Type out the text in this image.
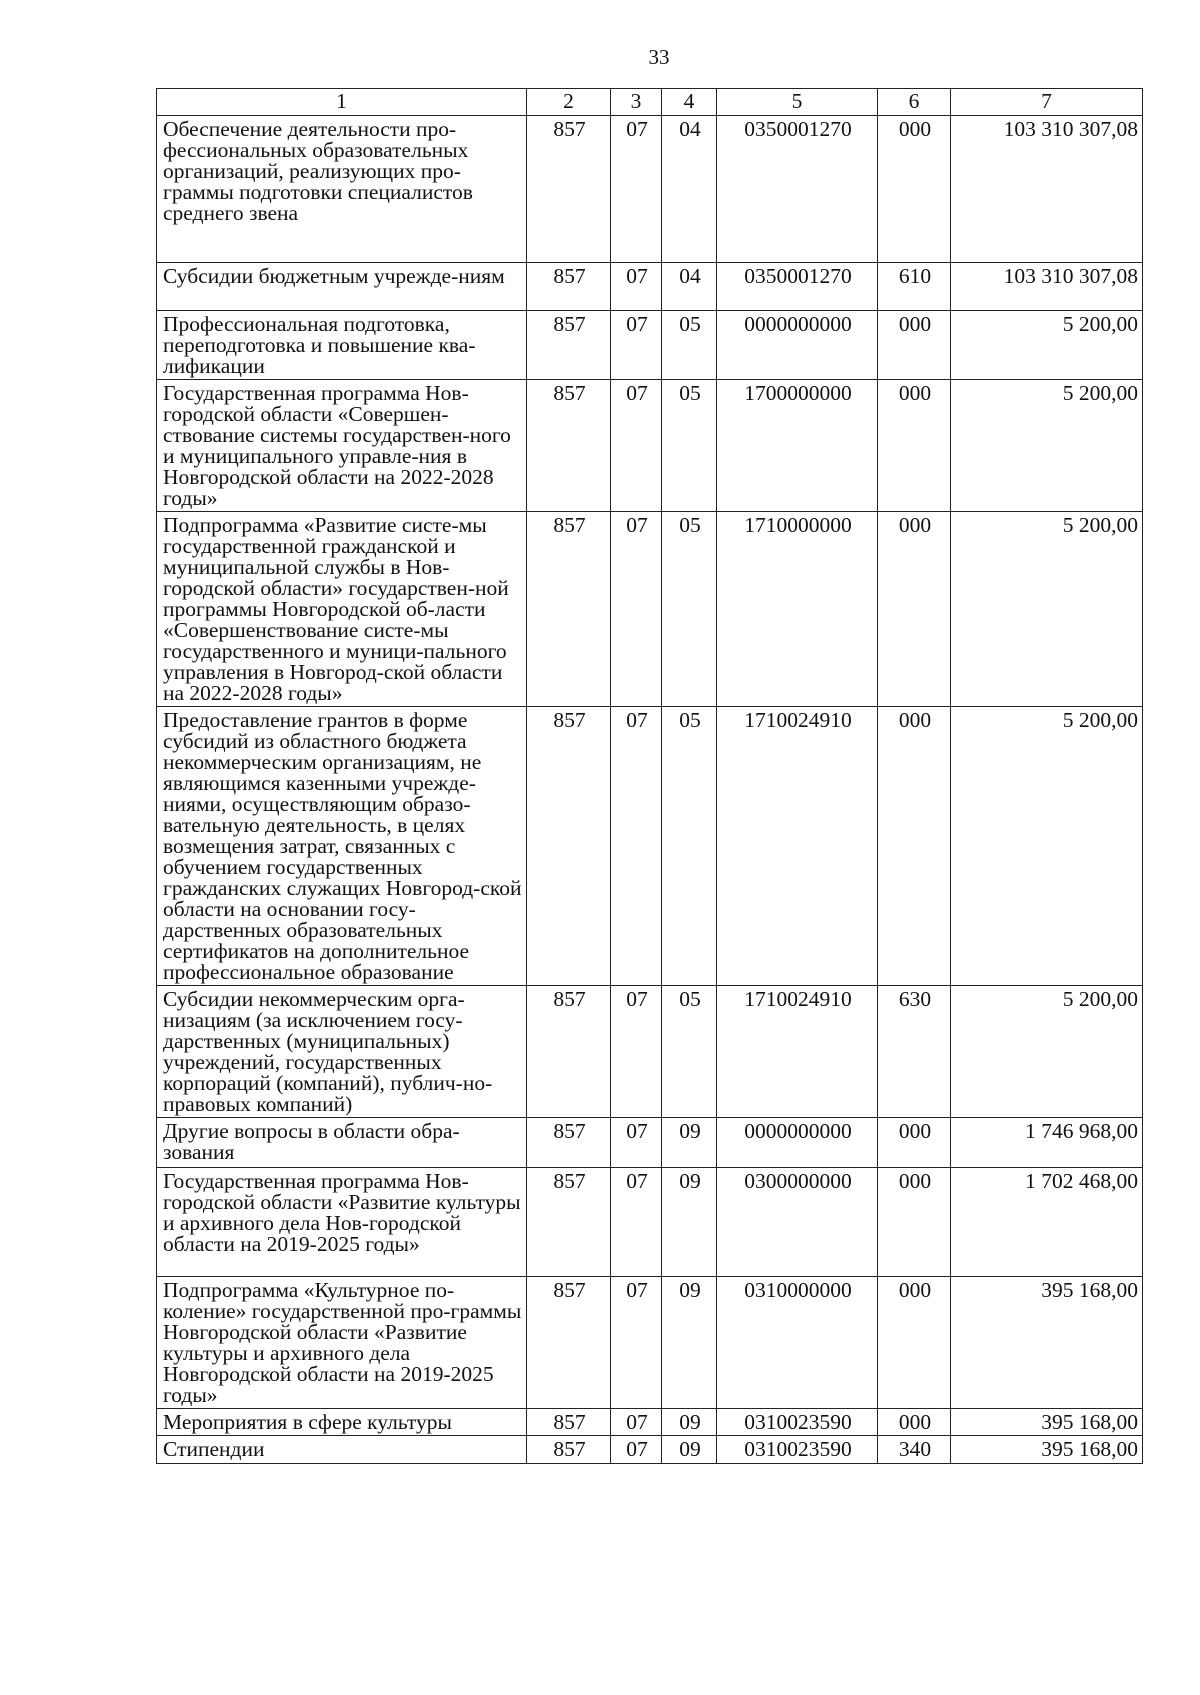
33
1	2	3	4	5	6	7
Обеспечение деятельности про-фессиональных образовательных организаций, реализующих про-граммы подготовки специалистов среднего звена	857	07	04	0350001270	000	103 310 307,08
Субсидии бюджетным учрежде-ниям	857	07	04	0350001270	610	103 310 307,08
Профессиональная подготовка, переподготовка и повышение ква-лификации	857	07	05	0000000000	000	5 200,00
Государственная программа Нов-городской области «Совершен-ствование системы государствен-ного и муниципального управле-ния в Новгородской области на 2022-2028 годы»	857	07	05	1700000000	000	5 200,00
Подпрограмма «Развитие систе-мы государственной гражданской и муниципальной службы в Нов-городской области» государствен-ной программы Новгородской об-ласти «Совершенствование систе-мы государственного и муници-пального управления в Новгород-ской области на 2022-2028 годы»	857	07	05	1710000000	000	5 200,00
Предоставление грантов в форме субсидий из областного бюджета некоммерческим организациям, не являющимся казенными учрежде-ниями, осуществляющим образо-вательную деятельность, в целях возмещения затрат, связанных с обучением государственных гражданских служащих Новгород-ской области на основании госу-дарственных образовательных сертификатов на дополнительное профессиональное образование	857	07	05	1710024910	000	5 200,00
Субсидии некоммерческим орга-низациям (за исключением госу-дарственных (муниципальных) учреждений, государственных корпораций (компаний), публич-но-правовых компаний)	857	07	05	1710024910	630	5 200,00
Другие вопросы в области обра-зования	857	07	09	0000000000	000	1 746 968,00
Государственная программа Нов-городской области «Развитие культуры и архивного дела Нов-городской области на 2019-2025 годы»	857	07	09	0300000000	000	1 702 468,00
Подпрограмма «Культурное по-коление» государственной про-граммы Новгородской области «Развитие культуры и архивного дела Новгородской области на 2019-2025 годы»	857	07	09	0310000000	000	395 168,00
Мероприятия в сфере культуры	857	07	09	0310023590	000	395 168,00
Стипендии	857	07	09	0310023590	340	395 168,00
